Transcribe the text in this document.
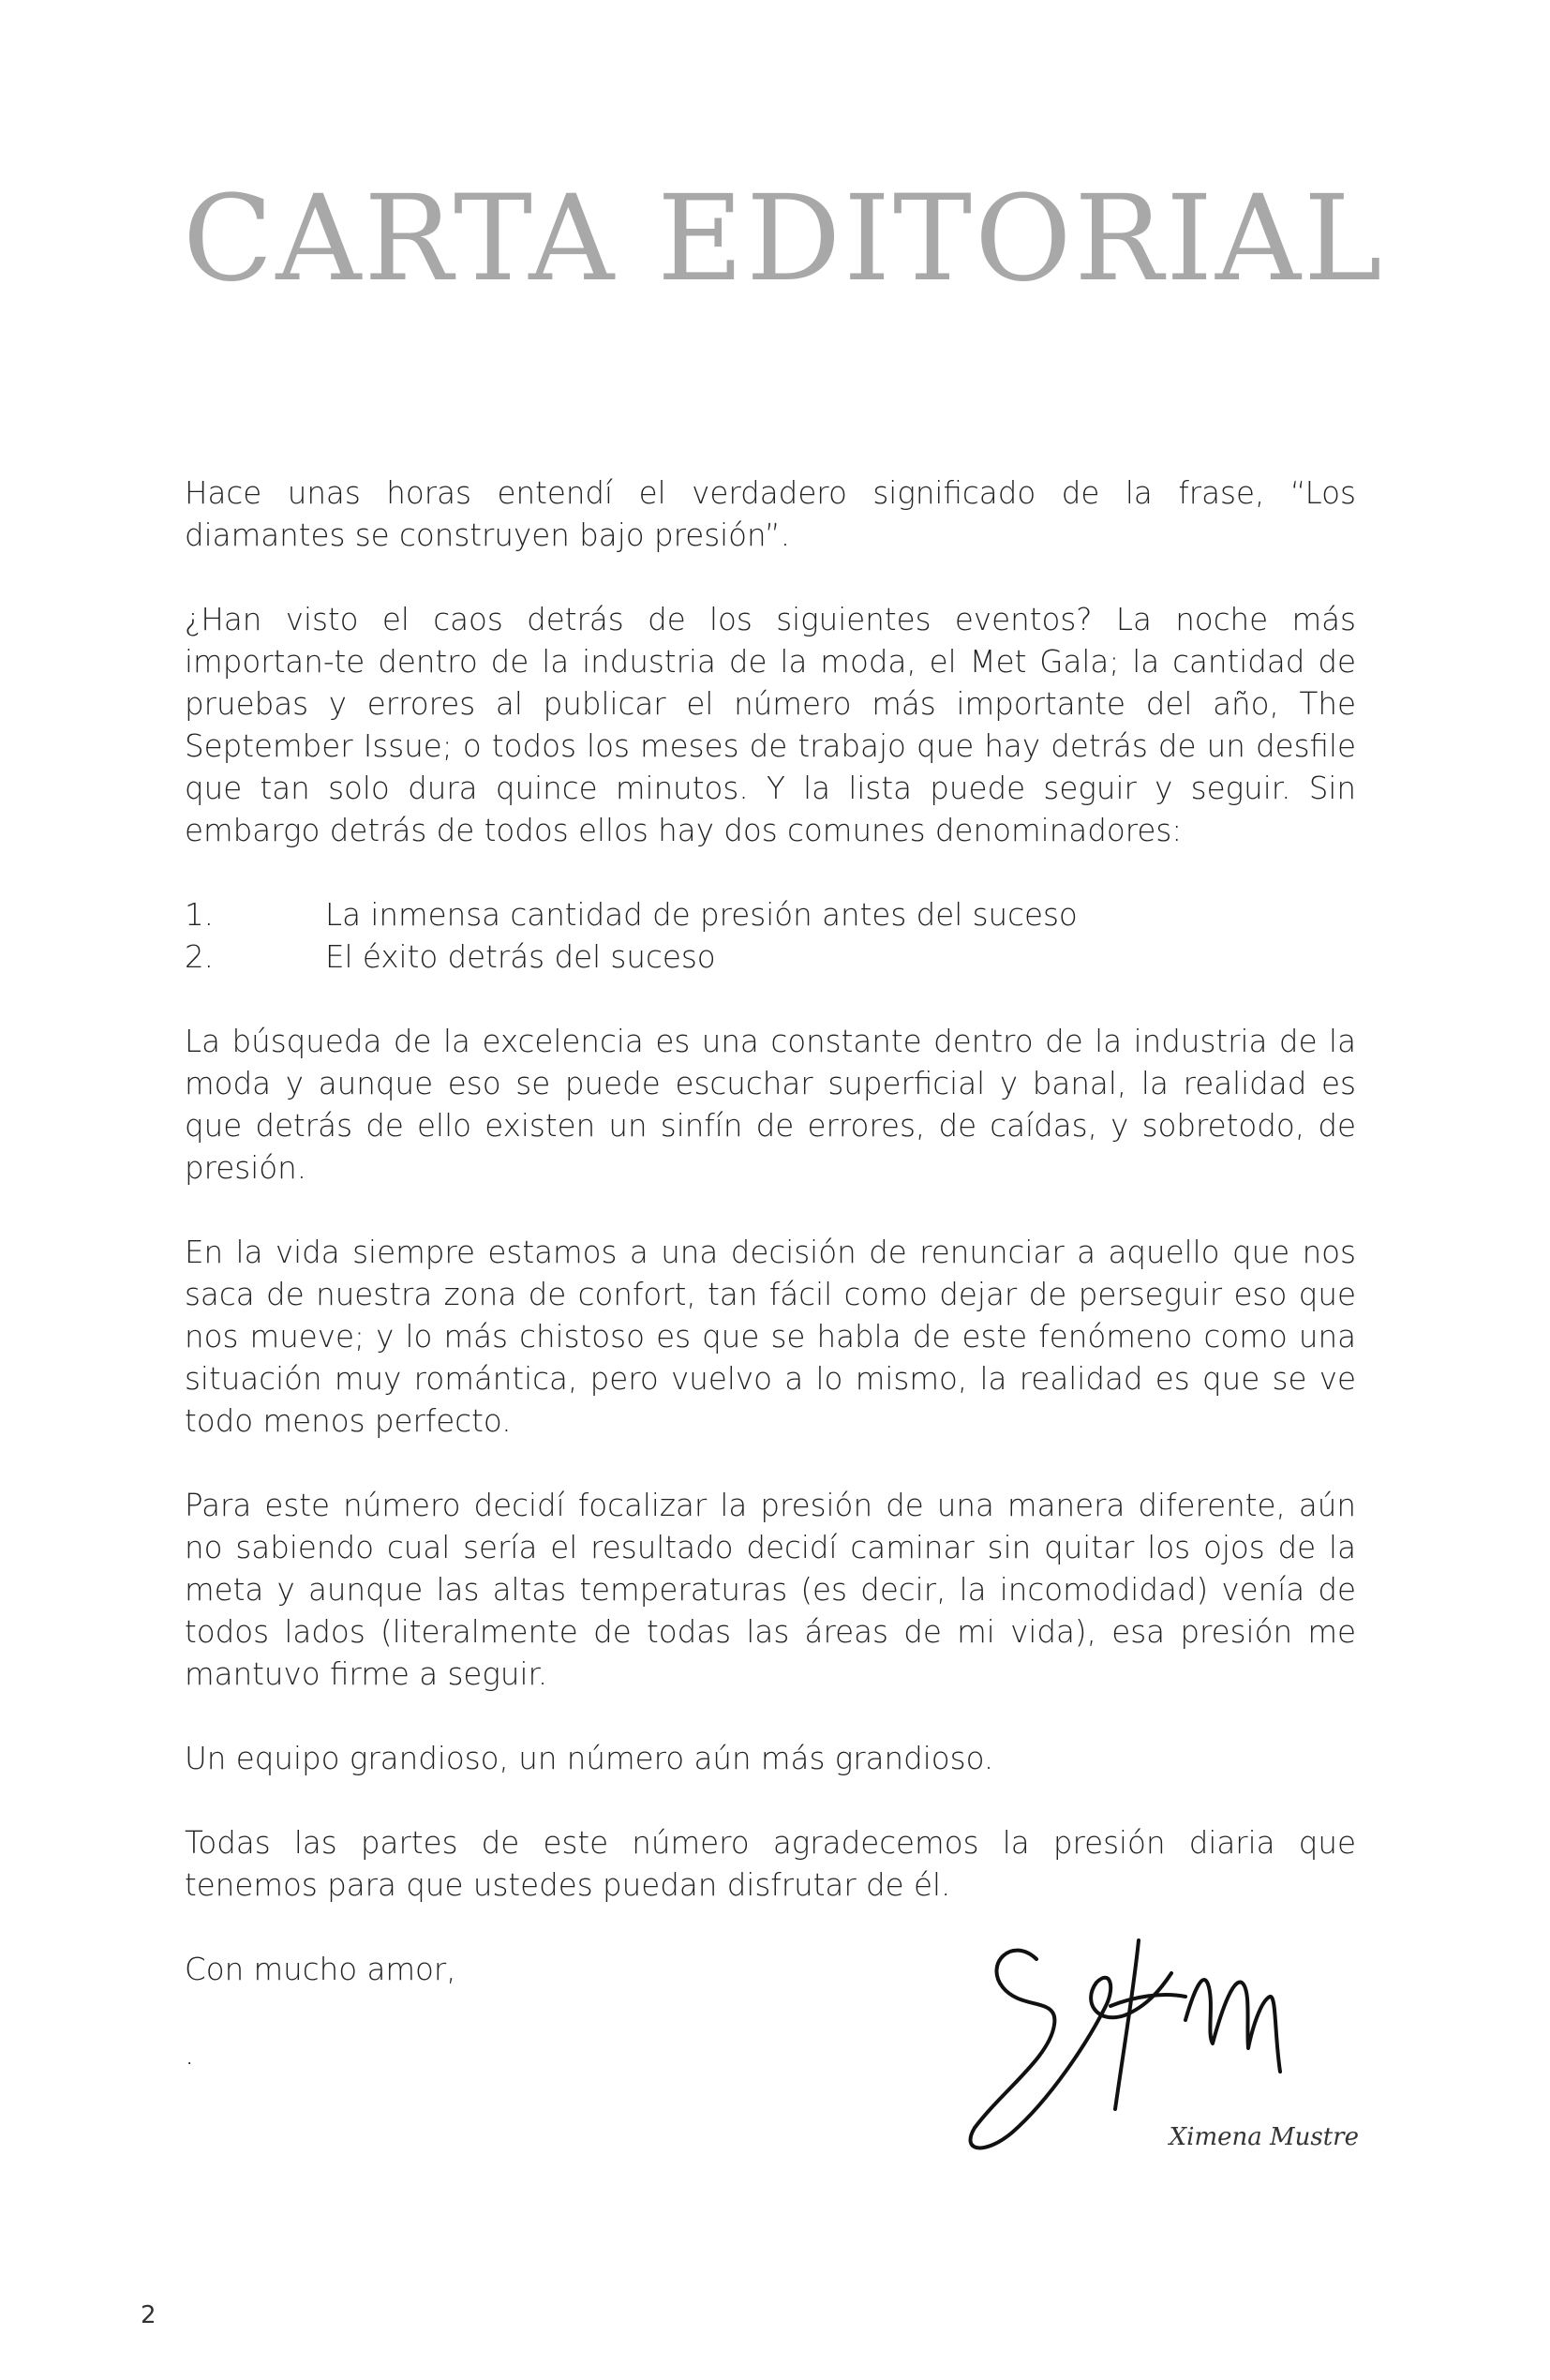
CARTA EDITORIAL

Hace unas horas entendí el verdadero significado de la frase, “Los diamantes se construyen bajo presión”.

¿Han visto el caos detrás de los siguientes eventos? La noche más importan-te dentro de la industria de la moda, el Met Gala; la cantidad de pruebas y errores al publicar el número más importante del año, The September Issue; o todos los meses de trabajo que hay detrás de un desfile que tan solo dura quince minutos. Y la lista puede seguir y seguir. Sin embargo detrás de todos ellos hay dos comunes denominadores:

1.	La inmensa cantidad de presión antes del suceso
2.	El éxito detrás del suceso

La búsqueda de la excelencia es una constante dentro de la industria de la moda y aunque eso se puede escuchar superficial y banal, la realidad es que detrás de ello existen un sinfín de errores, de caídas, y sobretodo, de presión.

En la vida siempre estamos a una decisión de renunciar a aquello que nos saca de nuestra zona de confort, tan fácil como dejar de perseguir eso que nos mueve; y lo más chistoso es que se habla de este fenómeno como una situación muy romántica, pero vuelvo a lo mismo, la realidad es que se ve todo menos perfecto.

Para este número decidí focalizar la presión de una manera diferente, aún no sabiendo cual sería el resultado decidí caminar sin quitar los ojos de la meta y aunque las altas temperaturas (es decir, la incomodidad) venía de todos lados (literalmente de todas las áreas de mi vida), esa presión me mantuvo firme a seguir.

Un equipo grandioso, un número aún más grandioso.

Todas las partes de este número agradecemos la presión diaria que tenemos para que ustedes puedan disfrutar de él.

Con mucho amor,

.

Ximena Mustre
2
